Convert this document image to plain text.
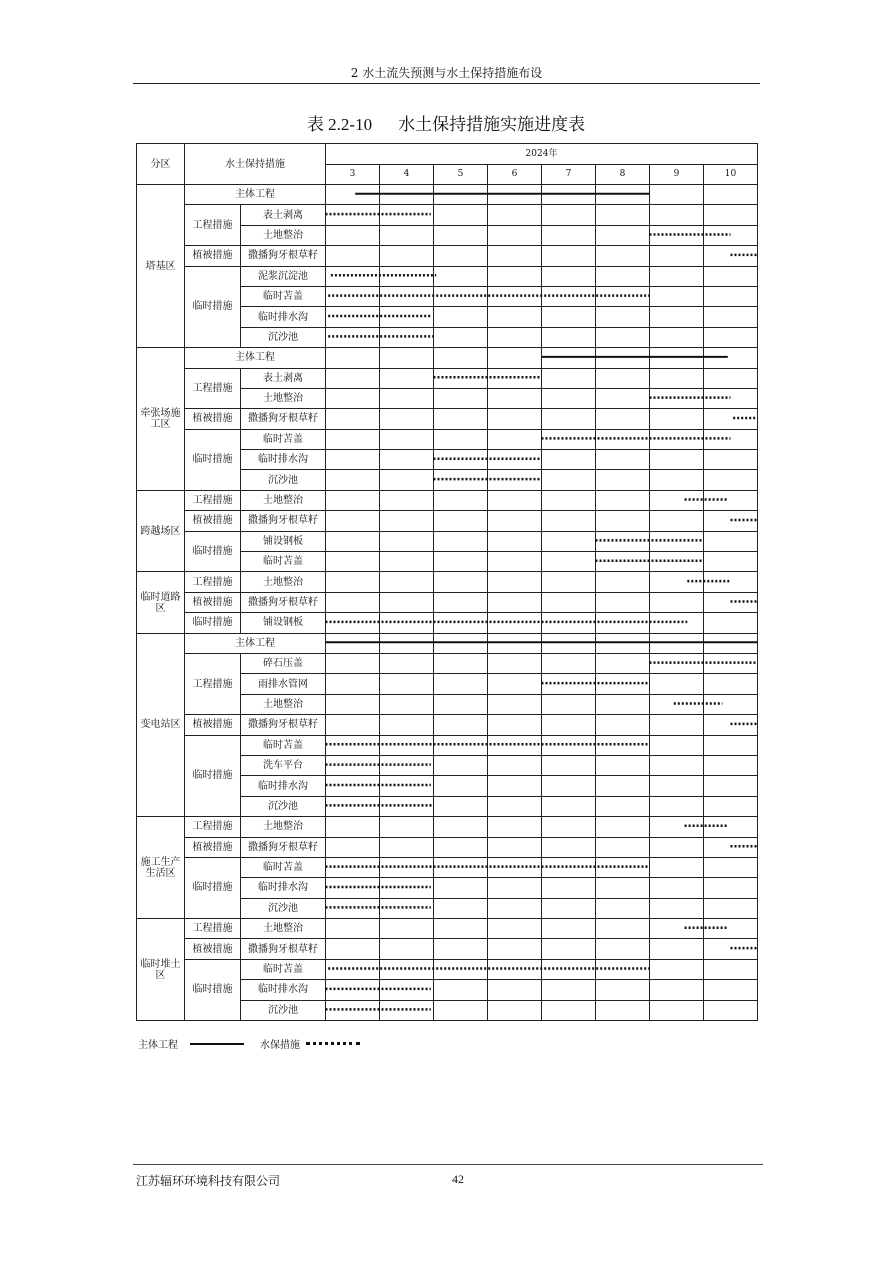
2 水土流失预测与水土保持措施布设
表 2.2-10 水土保持措施实施进度表
分区	水土保持措施		2024年							
			3	4	5	6	7	8	9	10
塔基区	主体工程									
	工程措施	表土剥离								
		土地整治								
	植被措施	撒播狗牙根草籽								
	临时措施	泥浆沉淀池								
		临时苫盖								
		临时排水沟								
		沉沙池								
牵张场施工区	主体工程									
	工程措施	表土剥离								
		土地整治								
	植被措施	撒播狗牙根草籽								
	临时措施	临时苫盖								
		临时排水沟								
		沉沙池								
跨越场区	工程措施	土地整治								
	植被措施	撒播狗牙根草籽								
	临时措施	铺设钢板								
		临时苫盖								
临时道路区	工程措施	土地整治								
	植被措施	撒播狗牙根草籽								
	临时措施	铺设钢板								
变电站区	主体工程									
	工程措施	碎石压盖								
		雨排水管网								
		土地整治								
	植被措施	撒播狗牙根草籽								
	临时措施	临时苫盖								
		洗车平台								
		临时排水沟								
		沉沙池								
施工生产生活区	工程措施	土地整治								
	植被措施	撒播狗牙根草籽								
	临时措施	临时苫盖								
		临时排水沟								
		沉沙池								
临时堆土区	工程措施	土地整治								
	植被措施	撒播狗牙根草籽								
	临时措施	临时苫盖								
		临时排水沟								
		沉沙池								
主体工程	水保措施
江苏辐环环境科技有限公司	42
